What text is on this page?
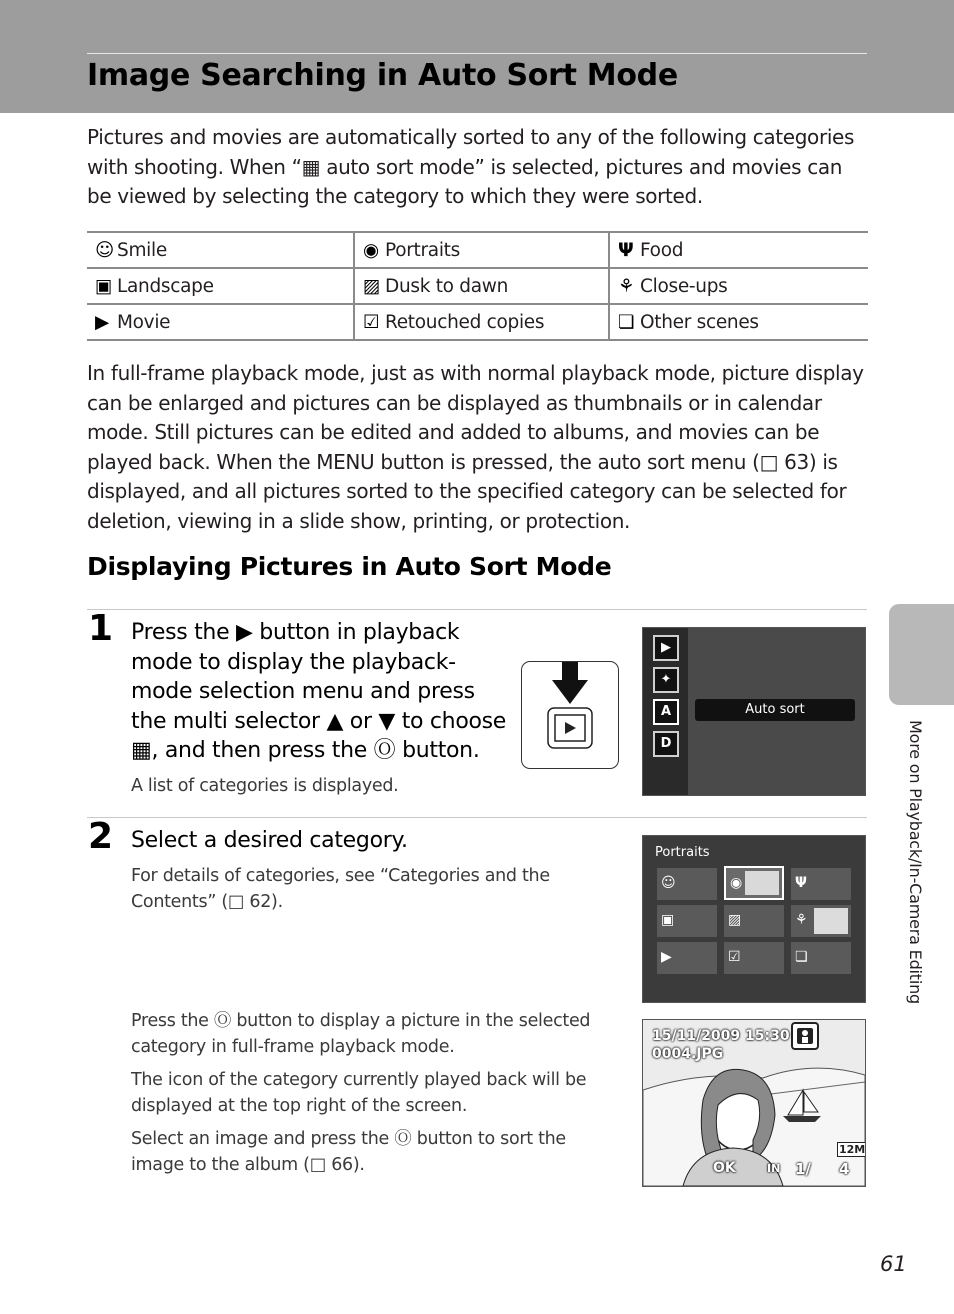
Image Searching in Auto Sort Mode

Pictures and movies are automatically sorted to any of the following categories with shooting. When “▦ auto sort mode” is selected, pictures and movies can be viewed by selecting the category to which they were sorted.

☺ Smile	◉ Portraits	Ψ Food
▣ Landscape	▨ Dusk to dawn	⚘ Close-ups
▶ Movie	☑ Retouched copies	❏ Other scenes

In full-frame playback mode, just as with normal playback mode, picture display can be enlarged and pictures can be displayed as thumbnails or in calendar mode. Still pictures can be edited and added to albums, and movies can be played back. When the MENU button is pressed, the auto sort menu (□ 63) is displayed, and all pictures sorted to the specified category can be selected for deletion, viewing in a slide show, printing, or protection.

Displaying Pictures in Auto Sort Mode
1 Press the ▶ button in playback mode to display the playback-mode selection menu and press the multi selector ▲ or ▼ to choose ▦, and then press the Ⓞ button.

A list of categories is displayed.

▶
✦
A
D
Auto sort
2 Select a desired category.

For details of categories, see “Categories and the Contents” (□ 62).

Press the Ⓞ button to display a picture in the selected category in full-frame playback mode.

The icon of the category currently played back will be displayed at the top right of the screen.

Select an image and press the Ⓞ button to sort the image to the album (□ 66).

Portraits
☺	◉	Ψ
▣	▨	⚘
▶	☑	❏
15/11/2009 15:30
0004.JPG
12M
OK	IN 1/ 4
More on Playback/In-Camera Editing
61
